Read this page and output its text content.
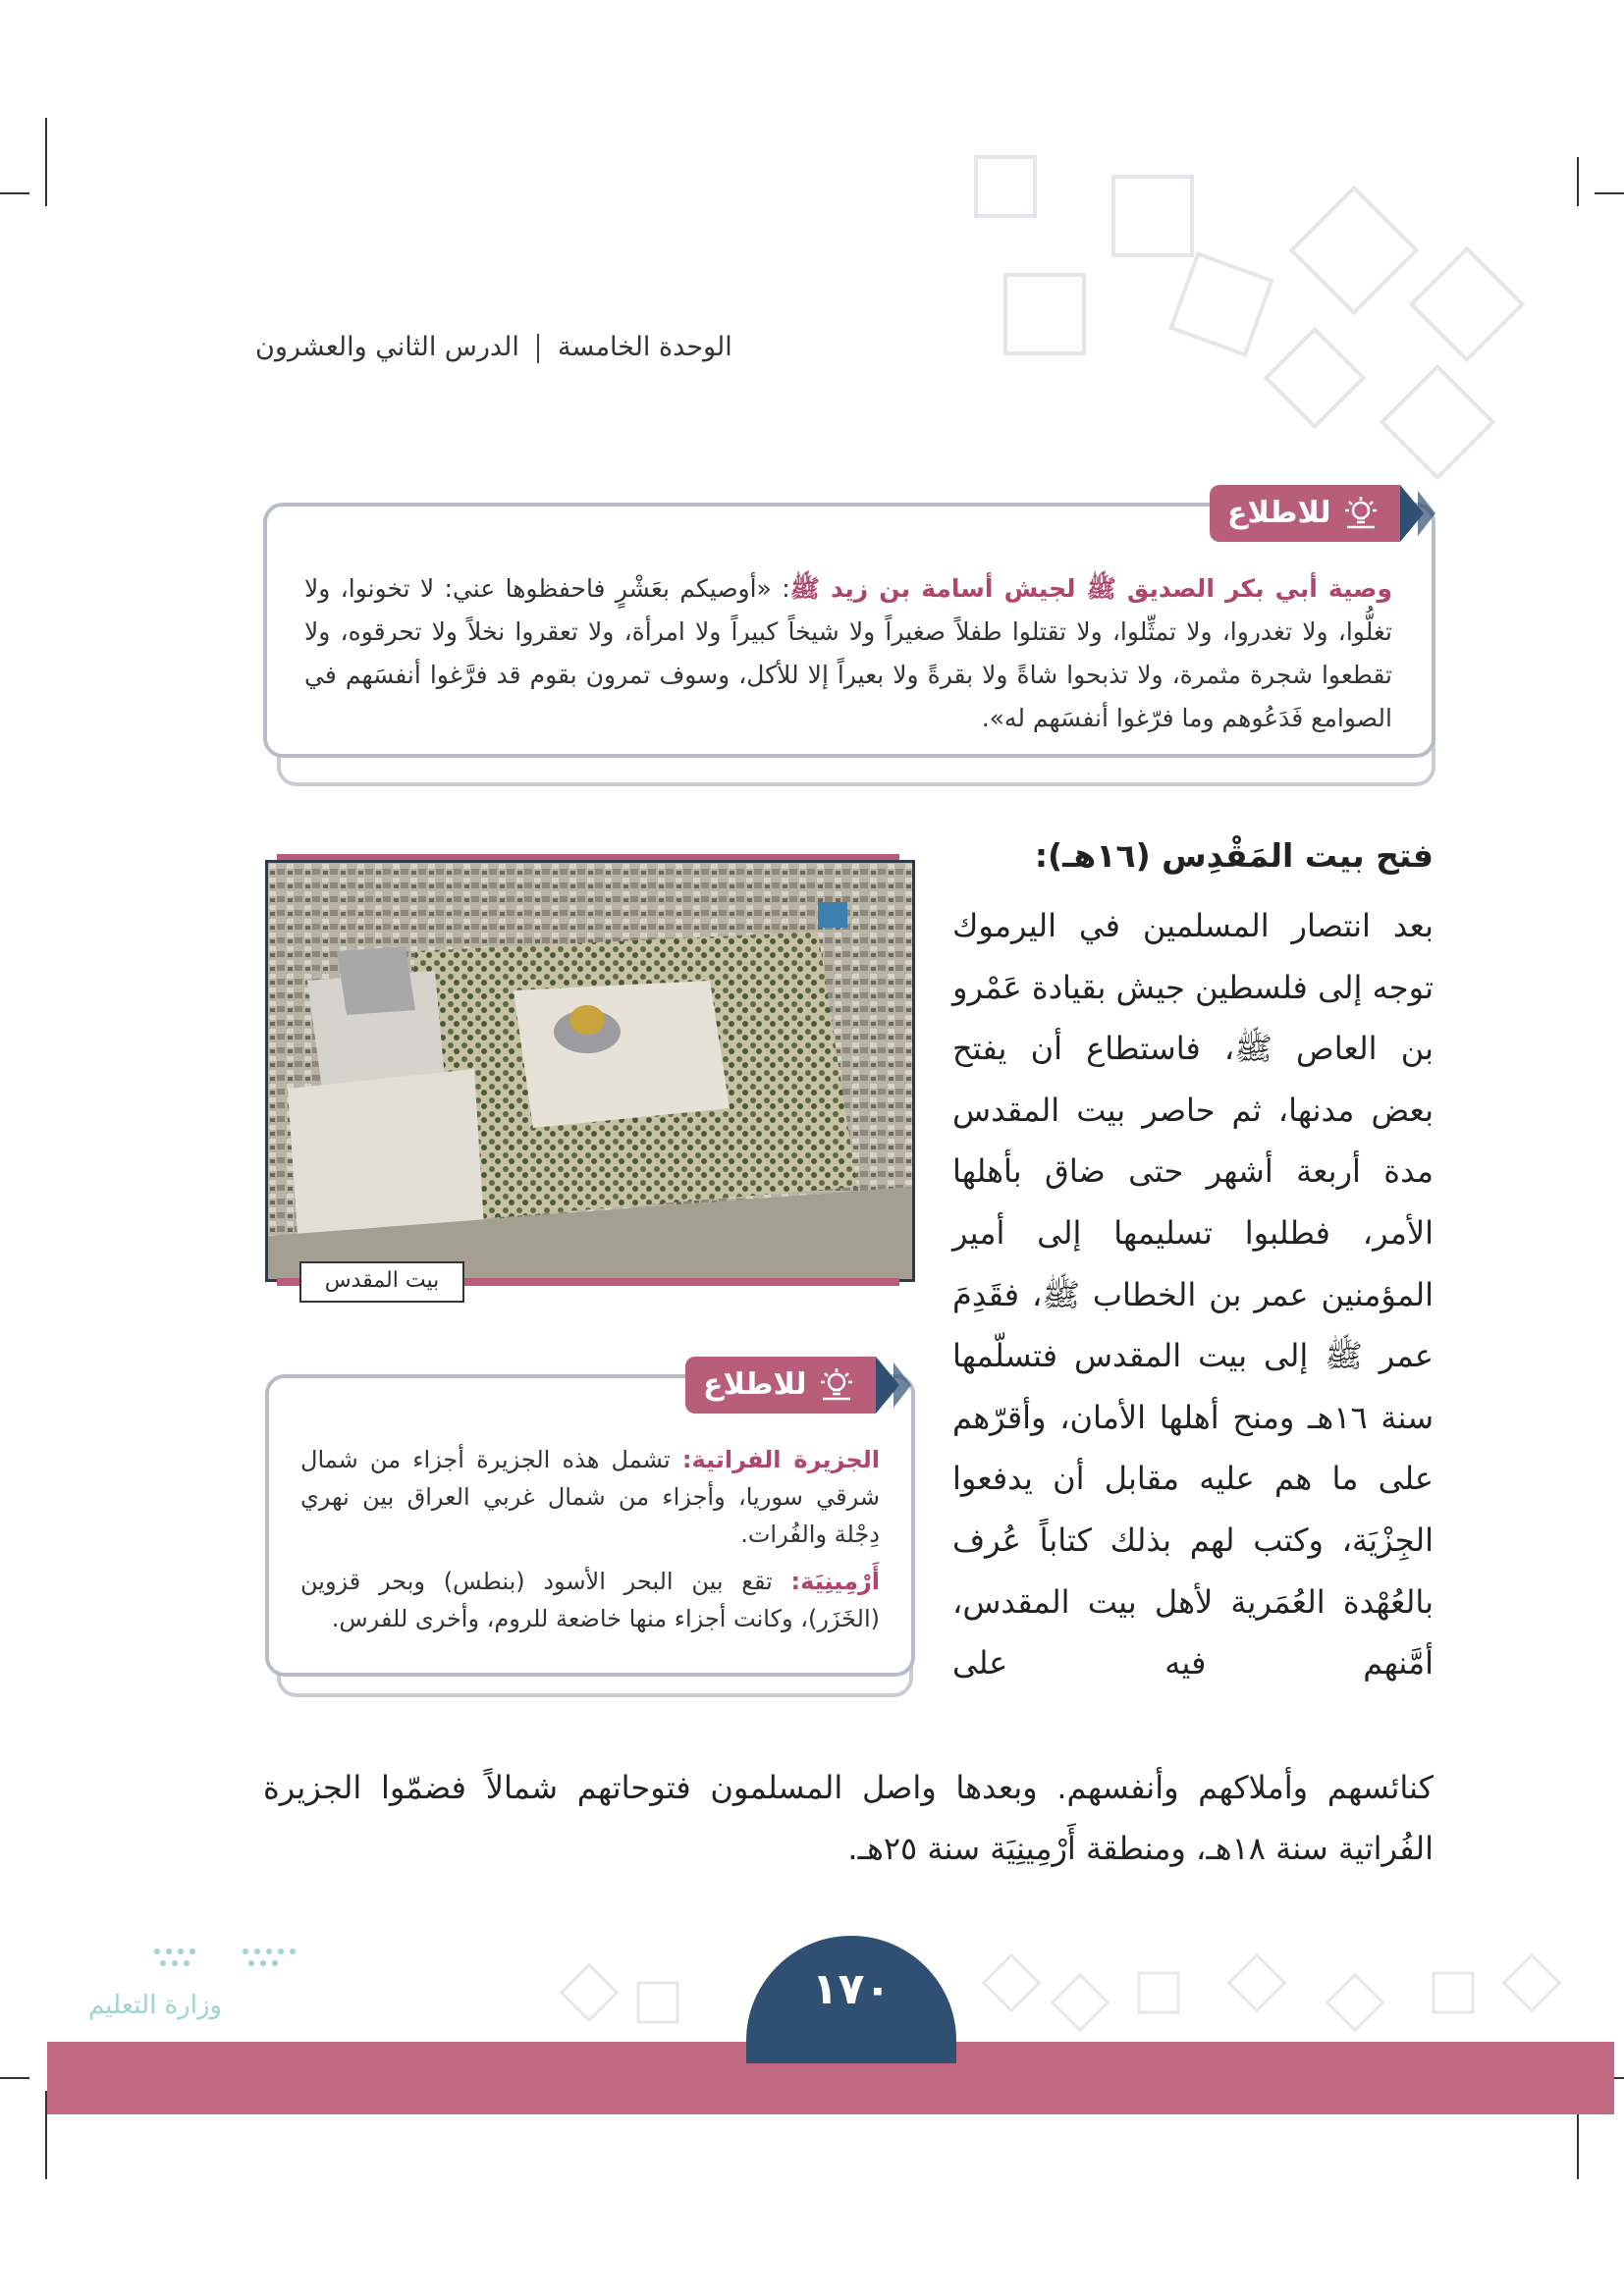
الوحدة الخامسة  الدرس الثاني والعشرون
للاطلاع
وصية أبي بكر الصديق ﷺ لجيش أسامة بن زيد ﷺ: «أوصيكم بعَشْرٍ فاحفظوها عني: لا تخونوا، ولا تغلُّوا، ولا تغدروا، ولا تمثِّلوا، ولا تقتلوا طفلاً صغيراً ولا شيخاً كبيراً ولا امرأة، ولا تعقروا نخلاً ولا تحرقوه، ولا تقطعوا شجرة مثمرة، ولا تذبحوا شاةً ولا بقرةً ولا بعيراً إلا للأكل، وسوف تمرون بقوم قد فرَّغوا أنفسَهم في الصوامع فَدَعُوهم وما فرّغوا أنفسَهم له».
فتح بيت المَقْدِس (١٦هـ):

بعد انتصار المسلمين في اليرموك توجه إلى فلسطين جيش بقيادة عَمْرو بن العاص ﷺ، فاستطاع أن يفتح بعض مدنها، ثم حاصر بيت المقدس مدة أربعة أشهر حتى ضاق بأهلها الأمر، فطلبوا تسليمها إلى أمير المؤمنين عمر بن الخطاب ﷺ، فقَدِمَ عمر ﷺ إلى بيت المقدس فتسلّمها سنة ١٦هـ ومنح أهلها الأمان، وأقرّهم على ما هم عليه مقابل أن يدفعوا الجِزْيَة، وكتب لهم بذلك كتاباً عُرف بالعُهْدة العُمَرية لأهل بيت المقدس، أمَّنهم فيه على

بيت المقدس
للاطلاع

الجزيرة الفراتية: تشمل هذه الجزيرة أجزاء من شمال شرقي سوريا، وأجزاء من شمال غربي العراق بين نهري دِجْلة والفُرات.

أَرْمِينِيَة: تقع بين البحر الأسود (بنطس) وبحر قزوين (الخَزَر)، وكانت أجزاء منها خاضعة للروم، وأخرى للفرس.

كنائسهم وأملاكهم وأنفسهم. وبعدها واصل المسلمون فتوحاتهم شمالاً فضمّوا الجزيرة الفُراتية سنة ١٨هـ، ومنطقة أَرْمِينِيَة سنة ٢٥هـ.
١٧٠
وزارة التعليم
